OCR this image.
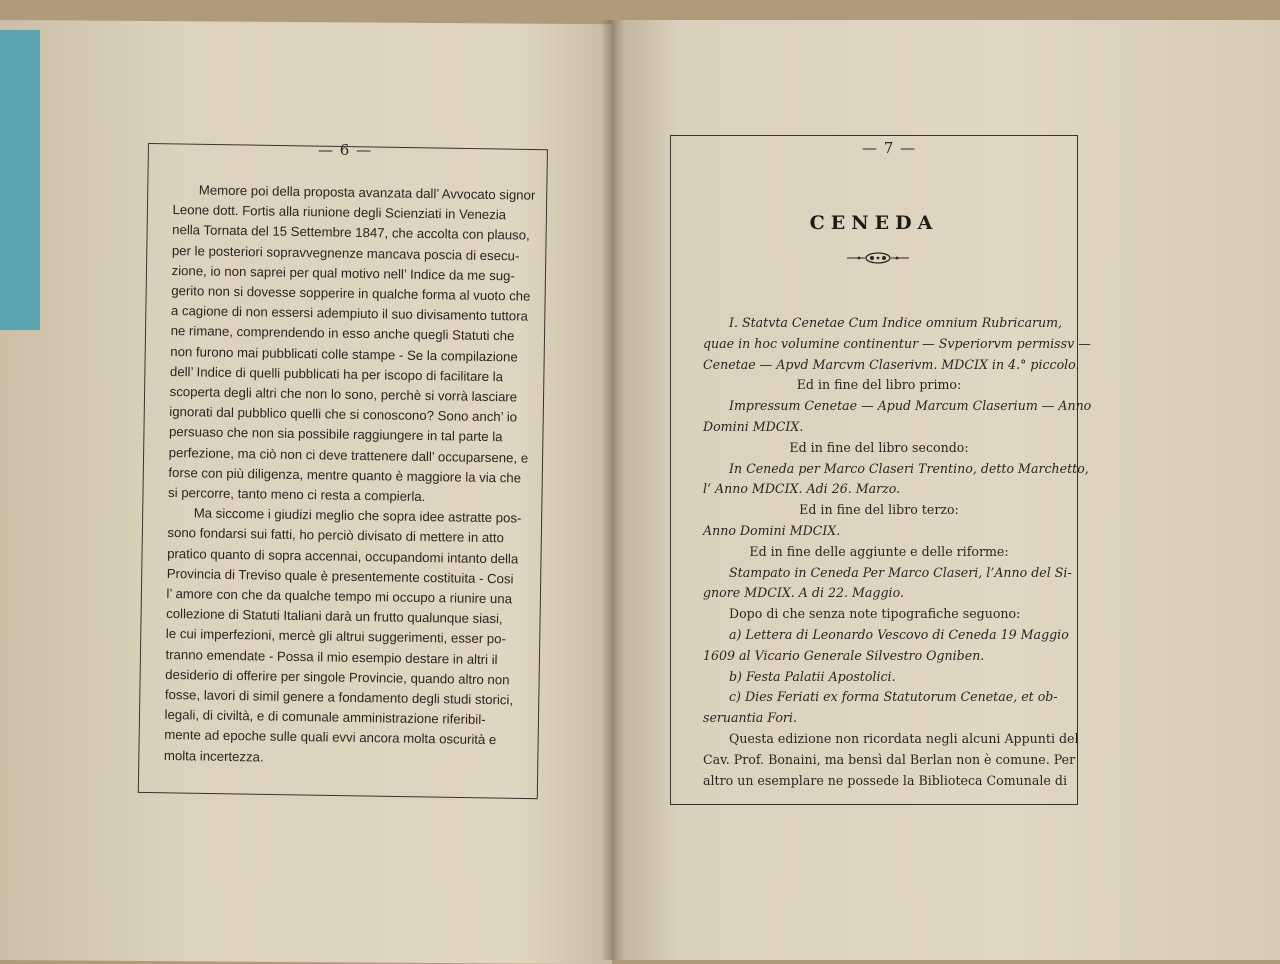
— 6 —	— 7 —
Memore poi della proposta avanzata dall’ Avvocato signor
Leone dott. Fortis alla riunione degli Scienziati in Venezia
nella Tornata del 15 Settembre 1847, che accolta con plauso,
per le posteriori sopravvegnenze mancava poscia di esecu-
zione, io non saprei per qual motivo nell’ Indice da me sug-
gerito non si dovesse sopperire in qualche forma al vuoto che
a cagione di non essersi adempiuto il suo divisamento tuttora
ne rimane, comprendendo in esso anche quegli Statuti che
non furono mai pubblicati colle stampe - Se la compilazione
dell’ Indice di quelli pubblicati ha per iscopo di facilitare la
scoperta degli altri che non lo sono, perchè si vorrà lasciare
ignorati dal pubblico quelli che si conoscono? Sono anch’ io
persuaso che non sia possibile raggiungere in tal parte la
perfezione, ma ciò non ci deve trattenere dall’ occuparsene, e
forse con più diligenza, mentre quanto è maggiore la via che
si percorre, tanto meno ci resta a compierla.
Ma siccome i giudizi meglio che sopra idee astratte pos-
sono fondarsi sui fatti, ho perciò divisato di mettere in atto
pratico quanto di sopra accennai, occupandomi intanto della
Provincia di Treviso quale è presentemente costituita - Cosi
l’ amore con che da qualche tempo mi occupo a riunire una
collezione di Statuti Italiani darà un frutto qualunque siasi,
le cui imperfezioni, mercè gli altrui suggerimenti, esser po-
tranno emendate - Possa il mio esempio destare in altri il
desiderio di offerire per singole Provincie, quando altro non
fosse, lavori di simil genere a fondamento degli studi storici,
legali, di civiltà, e di comunale amministrazione riferibil-
mente ad epoche sulle quali evvi ancora molta oscurità e
molta incertezza.
CENEDA
I. Statvta Cenetae Cum Indice omnium Rubricarum,
quae in hoc volumine continentur — Svperiorvm permissv —
Cenetae — Apvd Marcvm Claserivm. MDCIX in 4.° piccolo.
Ed in fine del libro primo:
Impressum Cenetae — Apud Marcum Claserium — Anno
Domini MDCIX.
Ed in fine del libro secondo:
In Ceneda per Marco Claseri Trentino, detto Marchetto,
l’ Anno MDCIX. Adi 26. Marzo.
Ed in fine del libro terzo:
Anno Domini MDCIX.
Ed in fine delle aggiunte e delle riforme:
Stampato in Ceneda Per Marco Claseri, l’Anno del Si-
gnore MDCIX. A di 22. Maggio.
Dopo di che senza note tipografiche seguono:
a) Lettera di Leonardo Vescovo di Ceneda 19 Maggio
1609 al Vicario Generale Silvestro Ogniben.
b) Festa Palatii Apostolici.
c) Dies Feriati ex forma Statutorum Cenetae, et ob-
seruantia Fori.
Questa edizione non ricordata negli alcuni Appunti del
Cav. Prof. Bonaini, ma bensì dal Berlan non è comune. Per
altro un esemplare ne possede la Biblioteca Comunale di
